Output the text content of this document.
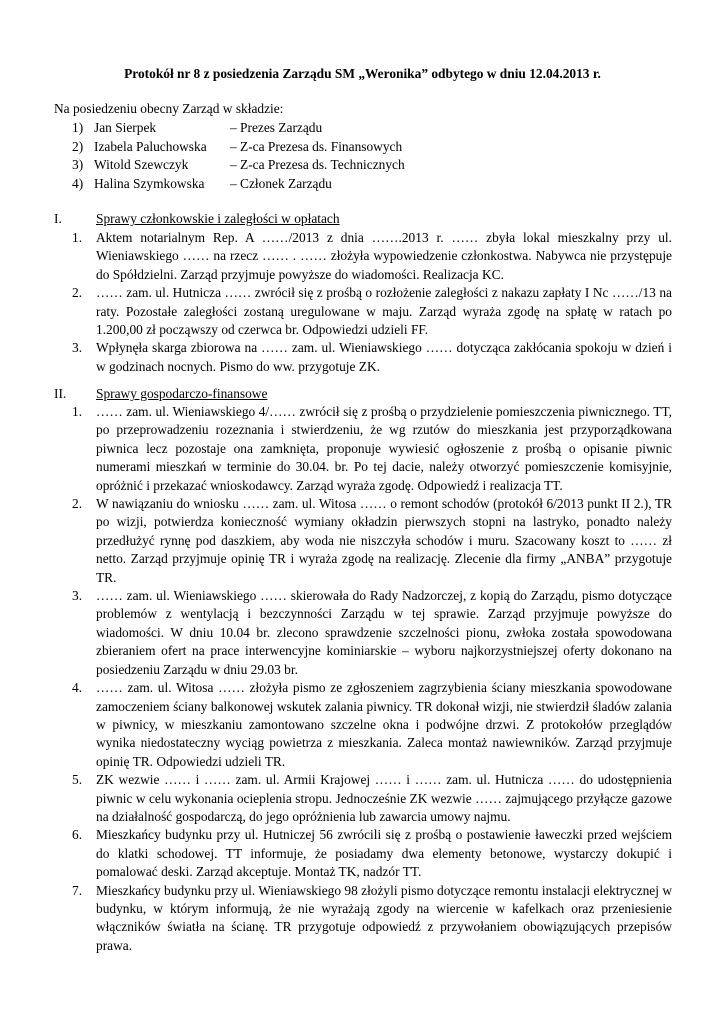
Protokół nr 8 z posiedzenia Zarządu SM „Weronika” odbytego w dniu 12.04.2013 r.
Na posiedzeniu obecny Zarząd w składzie:
1) Jan Sierpek	– Prezes Zarządu
2) Izabela Paluchowska	– Z-ca Prezesa ds. Finansowych
3) Witold Szewczyk	– Z-ca Prezesa ds. Technicznych
4) Halina Szymkowska	– Członek Zarządu
I.	Sprawy członkowskie i zaległości w opłatach
1.	Aktem notarialnym Rep. A ……/2013 z dnia …….2013 r. …… zbyła lokal mieszkalny przy ul. Wieniawskiego …… na rzecz …… . …… złożyła wypowiedzenie członkostwa. Nabywca nie przystępuje do Spółdzielni. Zarząd przyjmuje powyższe do wiadomości. Realizacja KC.
2.	…… zam. ul. Hutnicza …… zwrócił się z prośbą o rozłożenie zaległości z nakazu zapłaty I Nc ……/13 na raty. Pozostałe zaległości zostaną uregulowane w maju. Zarząd wyraża zgodę na spłatę w ratach po 1.200,00 zł począwszy od czerwca br. Odpowiedzi udzieli FF.
3.	Wpłynęła skarga zbiorowa na …… zam. ul. Wieniawskiego …… dotycząca zakłócania spokoju w dzień i w godzinach nocnych. Pismo do ww. przygotuje ZK.
II.	Sprawy gospodarczo-finansowe
1.	…… zam. ul. Wieniawskiego 4/…… zwrócił się z prośbą o przydzielenie pomieszczenia piwnicznego. TT, po przeprowadzeniu rozeznania i stwierdzeniu, że wg rzutów do mieszkania jest przyporządkowana piwnica lecz pozostaje ona zamknięta, proponuje wywiesić ogłoszenie z prośbą o opisanie piwnic numerami mieszkań w terminie do 30.04. br. Po tej dacie, należy otworzyć pomieszczenie komisyjnie, opróżnić i przekazać wnioskodawcy. Zarząd wyraża zgodę. Odpowiedź i realizacja TT.
2.	W nawiązaniu do wniosku …… zam. ul. Witosa …… o remont schodów (protokół 6/2013 punkt II 2.), TR po wizji, potwierdza konieczność wymiany okładzin pierwszych stopni na lastryko, ponadto należy przedłużyć rynnę pod daszkiem, aby woda nie niszczyła schodów i muru. Szacowany koszt to …… zł netto. Zarząd przyjmuje opinię TR i wyraża zgodę na realizację. Zlecenie dla firmy „ANBA” przygotuje TR.
3.	…… zam. ul. Wieniawskiego …… skierowała do Rady Nadzorczej, z kopią do Zarządu, pismo dotyczące problemów z wentylacją i bezczynności Zarządu w tej sprawie. Zarząd przyjmuje powyższe do wiadomości. W dniu 10.04 br. zlecono sprawdzenie szczelności pionu, zwłoka została spowodowana zbieraniem ofert na prace interwencyjne kominiarskie – wyboru najkorzystniejszej oferty dokonano na posiedzeniu Zarządu w dniu 29.03 br.
4.	…… zam. ul. Witosa …… złożyła pismo ze zgłoszeniem zagrzybienia ściany mieszkania spowodowane zamoczeniem ściany balkonowej wskutek zalania piwnicy. TR dokonał wizji, nie stwierdził śladów zalania w piwnicy, w mieszkaniu zamontowano szczelne okna i podwójne drzwi. Z protokołów przeglądów wynika niedostateczny wyciąg powietrza z mieszkania. Zaleca montaż nawiewników. Zarząd przyjmuje opinię TR. Odpowiedzi udzieli TR.
5.	ZK wezwie …… i …… zam. ul. Armii Krajowej …… i …… zam. ul. Hutnicza …… do udostępnienia piwnic w celu wykonania ocieplenia stropu. Jednocześnie ZK wezwie …… zajmującego przyłącze gazowe na działalność gospodarczą, do jego opróżnienia lub zawarcia umowy najmu.
6.	Mieszkańcy budynku przy ul. Hutniczej 56 zwrócili się z prośbą o postawienie ławeczki przed wejściem do klatki schodowej. TT informuje, że posiadamy dwa elementy betonowe, wystarczy dokupić i pomalować deski. Zarząd akceptuje. Montaż TK, nadzór TT.
7.	Mieszkańcy budynku przy ul. Wieniawskiego 98 złożyli pismo dotyczące remontu instalacji elektrycznej w budynku, w którym informują, że nie wyrażają zgody na wiercenie w kafelkach oraz przeniesienie włączników światła na ścianę. TR przygotuje odpowiedź z przywołaniem obowiązujących przepisów prawa.
